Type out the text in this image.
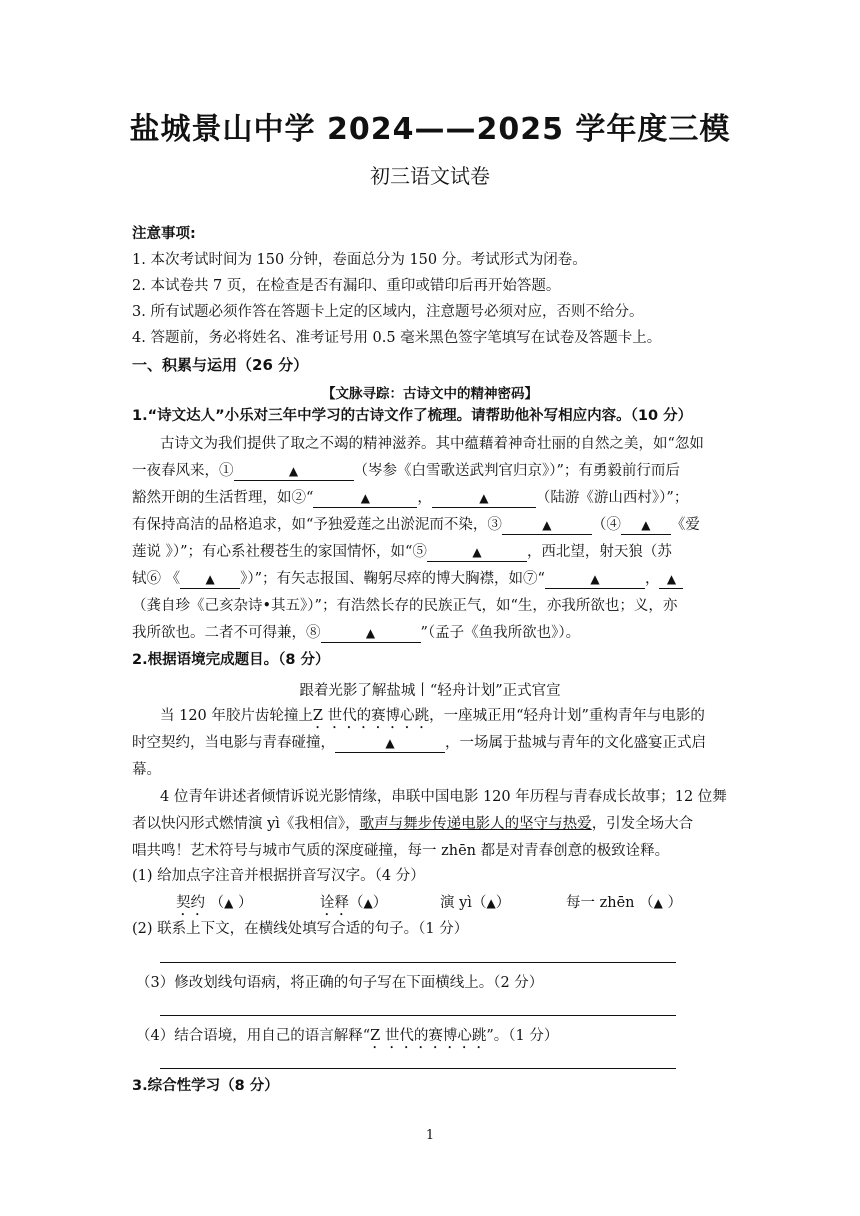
盐城景山中学 2024——2025 学年度三模
初三语文试卷
注意事项:
1. 本次考试时间为 150 分钟，卷面总分为 150 分。考试形式为闭卷。
2. 本试卷共 7 页，在检查是否有漏印、重印或错印后再开始答题。
3. 所有试题必须作答在答题卡上定的区域内，注意题号必须对应，否则不给分。
4. 答题前，务必将姓名、准考证号用 0.5 毫米黑色签字笔填写在试卷及答题卡上。
一、积累与运用（26 分）
【文脉寻踪：古诗文中的精神密码】
1.“诗文达人”小乐对三年中学习的古诗文作了梳理。请帮助他补写相应内容。（10 分）
古诗文为我们提供了取之不竭的精神滋养。其中蕴藉着神奇壮丽的自然之美，如“忽如
一夜春风来，①	▲	（岑参《白雪歌送武判官归京》）”；有勇毅前行而后
豁然开朗的生活哲理，如②“	▲	，	▲	（陆游《游山西村》）”；
有保持高洁的品格追求，如“予独爱莲之出淤泥而不染，③	▲	（④ ▲ 《爱
莲说 》）”；有心系社稷苍生的家国情怀，如“⑤	▲	，西北望，射天狼（苏
轼⑥ 《 ▲ 》）”；有矢志报国、鞠躬尽瘁的博大胸襟，如⑦“	▲	， ▲
（龚自珍《己亥杂诗•其五》）”；有浩然长存的民族正气，如“生，亦我所欲也；义，亦
我所欲也。二者不可得兼，⑧	▲	”（孟子《鱼我所欲也》）。
2.根据语境完成题目。（8 分）
跟着光影了解盐城丨“轻舟计划”正式官宣
当 120 年胶片齿轮撞上Z 世代的赛博心跳，一座城正用“轻舟计划”重构青年与电影的
时空契约，当电影与青春碰撞，	▲	，一场属于盐城与青年的文化盛宴正式启
幕。
4 位青年讲述者倾情诉说光影情缘，串联中国电影 120 年历程与青春成长故事；12 位舞
者以快闪形式燃情演 yì《我相信》，歌声与舞步传递电影人的坚守与热爱，引发全场大合
唱共鸣！艺术符号与城市气质的深度碰撞，每一 zhēn 都是对青春创意的极致诠释。
(1) 给加点字注音并根据拼音写汉字。（4 分）
契约 （▲ ）	诠释（▲）	演 yì（▲）	每一 zhēn （▲ ）
(2) 联系上下文，在横线处填写合适的句子。（1 分）
（3）修改划线句语病，将正确的句子写在下面横线上。（2 分）
（4）结合语境，用自己的语言解释“Z 世代的赛博心跳”。（1 分）
3.综合性学习（8 分）
1
